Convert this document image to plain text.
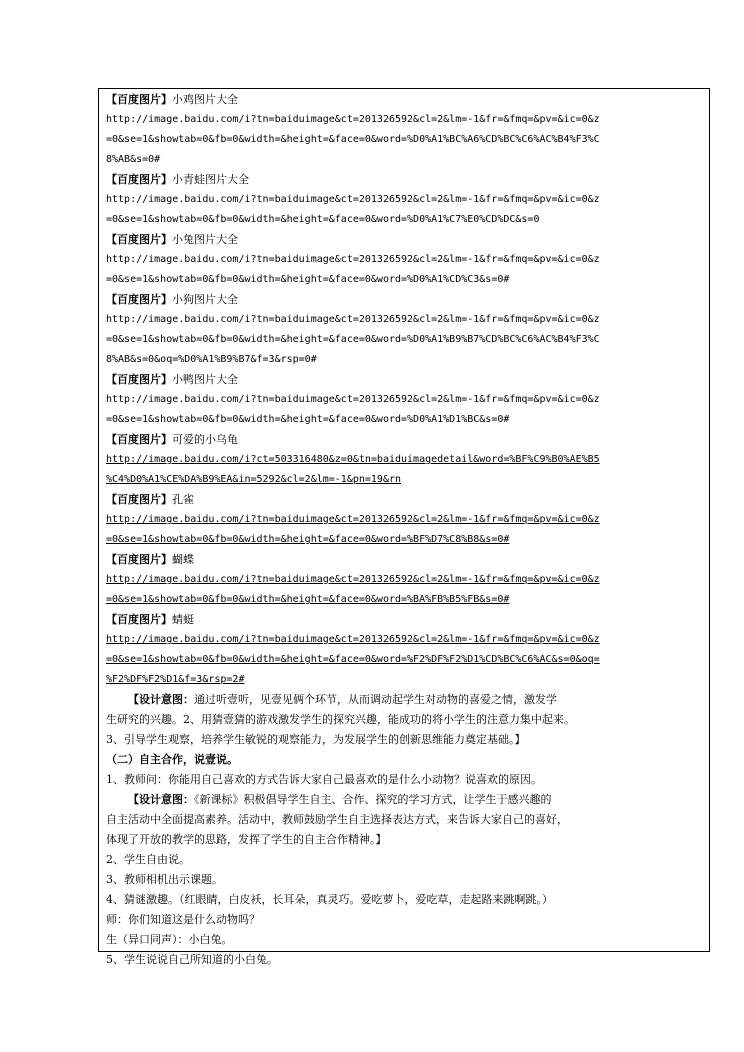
【百度图片】小鸡图片大全
http://image.baidu.com/i?tn=baiduimage&ct=201326592&cl=2&lm=-1&fr=&fmq=&pv=&ic=0&z
=0&se=1&showtab=0&fb=0&width=&height=&face=0&word=%D0%A1%BC%A6%CD%BC%C6%AC%B4%F3%C
8%AB&s=0#
【百度图片】小青蛙图片大全
http://image.baidu.com/i?tn=baiduimage&ct=201326592&cl=2&lm=-1&fr=&fmq=&pv=&ic=0&z
=0&se=1&showtab=0&fb=0&width=&height=&face=0&word=%D0%A1%C7%E0%CD%DC&s=0
【百度图片】小兔图片大全
http://image.baidu.com/i?tn=baiduimage&ct=201326592&cl=2&lm=-1&fr=&fmq=&pv=&ic=0&z
=0&se=1&showtab=0&fb=0&width=&height=&face=0&word=%D0%A1%CD%C3&s=0#
【百度图片】小狗图片大全
http://image.baidu.com/i?tn=baiduimage&ct=201326592&cl=2&lm=-1&fr=&fmq=&pv=&ic=0&z
=0&se=1&showtab=0&fb=0&width=&height=&face=0&word=%D0%A1%B9%B7%CD%BC%C6%AC%B4%F3%C
8%AB&s=0&oq=%D0%A1%B9%B7&f=3&rsp=0#
【百度图片】小鸭图片大全
http://image.baidu.com/i?tn=baiduimage&ct=201326592&cl=2&lm=-1&fr=&fmq=&pv=&ic=0&z
=0&se=1&showtab=0&fb=0&width=&height=&face=0&word=%D0%A1%D1%BC&s=0#
【百度图片】可爱的小乌龟
http://image.baidu.com/i?ct=503316480&z=0&tn=baiduimagedetail&word=%BF%C9%B0%AE%B5
%C4%D0%A1%CE%DA%B9%EA&in=5292&cl=2&lm=-1&pn=19&rn
【百度图片】孔雀
http://image.baidu.com/i?tn=baiduimage&ct=201326592&cl=2&lm=-1&fr=&fmq=&pv=&ic=0&z
=0&se=1&showtab=0&fb=0&width=&height=&face=0&word=%BF%D7%C8%B8&s=0#
【百度图片】蝴蝶
http://image.baidu.com/i?tn=baiduimage&ct=201326592&cl=2&lm=-1&fr=&fmq=&pv=&ic=0&z
=0&se=1&showtab=0&fb=0&width=&height=&face=0&word=%BA%FB%B5%FB&s=0#
【百度图片】蜻蜓
http://image.baidu.com/i?tn=baiduimage&ct=201326592&cl=2&lm=-1&fr=&fmq=&pv=&ic=0&z
=0&se=1&showtab=0&fb=0&width=&height=&face=0&word=%F2%DF%F2%D1%CD%BC%C6%AC&s=0&oq=
%F2%DF%F2%D1&f=3&rsp=2#
【设计意图：通过听壹听，见壹见俩个环节，从而调动起学生对动物的喜爱之情，激发学
生研究的兴趣。2、用猜壹猜的游戏激发学生的探究兴趣，能成功的将小学生的注意力集中起来。
3、引导学生观察，培养学生敏锐的观察能力，为发展学生的创新思维能力奠定基础。】
（二）自主合作，说壹说。
1、教师问：你能用自己喜欢的方式告诉大家自己最喜欢的是什么小动物？说喜欢的原因。
【设计意图：《新课标》积极倡导学生自主、合作、探究的学习方式，让学生于感兴趣的
自主活动中全面提高素养。活动中，教师鼓励学生自主选择表达方式，来告诉大家自己的喜好，
体现了开放的教学的思路，发挥了学生的自主合作精神。】
2、学生自由说。
3、教师相机出示课题。
4、猜谜激趣。（红眼睛，白皮袄，长耳朵，真灵巧。爱吃萝卜，爱吃草，走起路来跳啊跳。）
师：你们知道这是什么动物吗？
生（异口同声）：小白兔。
5、学生说说自己所知道的小白兔。
